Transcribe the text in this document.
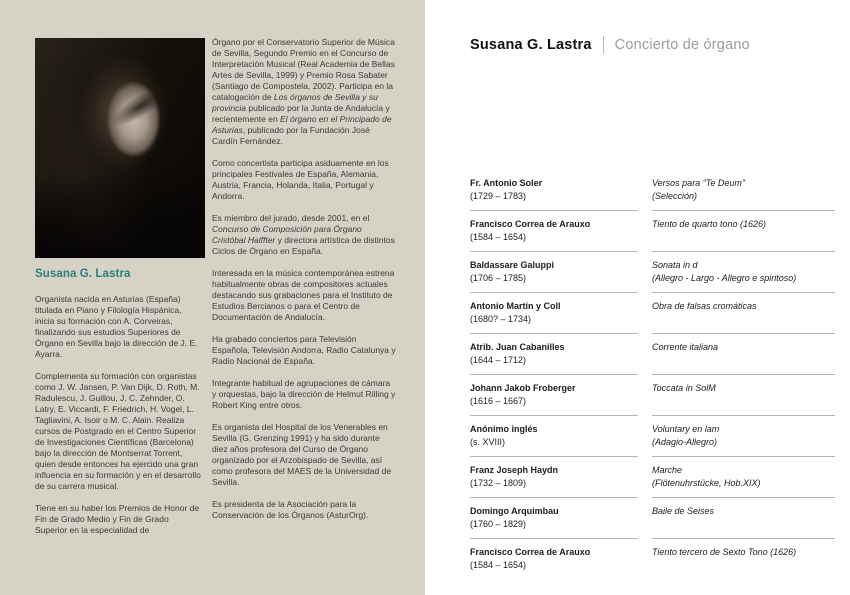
Susana G. Lastra

Organista nacida en Asturias (España) titulada en Piano y Filología Hispánica, inicia su formación con A. Corveiras, finalizando sus estudios Superiores de Órgano en Sevilla bajo la dirección de J. E. Ayarra.

Complementa su formación con organistas como J. W. Jansen, P. Van Dijk, D. Roth, M. Radulescu, J. Guillou, J. C. Zehnder, O. Latry, E. Viccardi, F. Friedrich, H. Vogel, L. Tagliavini, A. Isoir o M. C. Alain. Realiza cursos de Postgrado en el Centro Superior de Investigaciones Científicas (Barcelona) bajo la dirección de Montserrat Torrent, quien desde entonces ha ejercido una gran influencia en su formación y en el desarrollo de su carrera musical.

Tiene en su haber los Premios de Honor de Fin de Grado Medio y Fin de Grado Superior en la especialidad de

Órgano por el Conservatorio Superior de Música de Sevilla, Segundo Premio en el Concurso de Interpretación Musical (Real Academia de Bellas Artes de Sevilla, 1999) y Premio Rosa Sabater (Santiago de Compostela, 2002). Participa en la catalogación de Los órganos de Sevilla y su provincia publicado por la Junta de Andalucía y recientemente en El órgano en el Principado de Asturias, publicado por la Fundación José Cardín Fernández.

Como concertista participa asiduamente en los principales Festivales de España, Alemania, Austria, Francia, Holanda, Italia, Portugal y Andorra.

Es miembro del jurado, desde 2001, en el Concurso de Composición para Órgano Cristóbal Halffter y directora artística de distintos Ciclos de Órgano en España.

Interesada en la música contemporánea estrena habitualmente obras de compositores actuales destacando sus grabaciones para el Instituto de Estudios Bercianos o para el Centro de Documentación de Andalucía.

Ha grabado conciertos para Televisión Española, Televisión Andorra, Radio Catalunya y Radio Nacional de España.

Integrante habitual de agrupaciones de cámara y orquestas, bajo la dirección de Helmut Rilling y Robert King entre otros.

Es organista del Hospital de los Venerables en Sevilla (G. Grenzing 1991) y ha sido durante diez años profesora del Curso de Órgano organizado por el Arzobispado de Sevilla, así como profesora del MAES de la Universidad de Sevilla.

Es presidenta de la Asociación para la Conservación de los Órganos (AsturOrg).

Susana G. Lastra Concierto de órgano
Fr. Antonio Soler
(1729 – 1783)
Versos para “Te Deum”
(Selección)
Francisco Correa de Arauxo
(1584 – 1654)
Tiento de quarto tono (1626)
Baldassare Galuppi
(1706 – 1785)
Sonata in d
(Allegro - Largo - Allegro e spiritoso)
Antonio Martín y Coll
(1680? – 1734)
Obra de falsas cromáticas
Atrib. Juan Cabanilles
(1644 – 1712)
Corrente italiana
Johann Jakob Froberger
(1616 – 1667)
Toccata in SolM
Anónimo inglés
(s. XVIII)
Voluntary en lam
(Adagio-Allegro)
Franz Joseph Haydn
(1732 – 1809)
Marche
(Flötenuhrstücke, Hob.XIX)
Domingo Arquimbau
(1760 – 1829)
Baile de Seises
Francisco Correa de Arauxo
(1584 – 1654)
Tiento tercero de Sexto Tono (1626)
